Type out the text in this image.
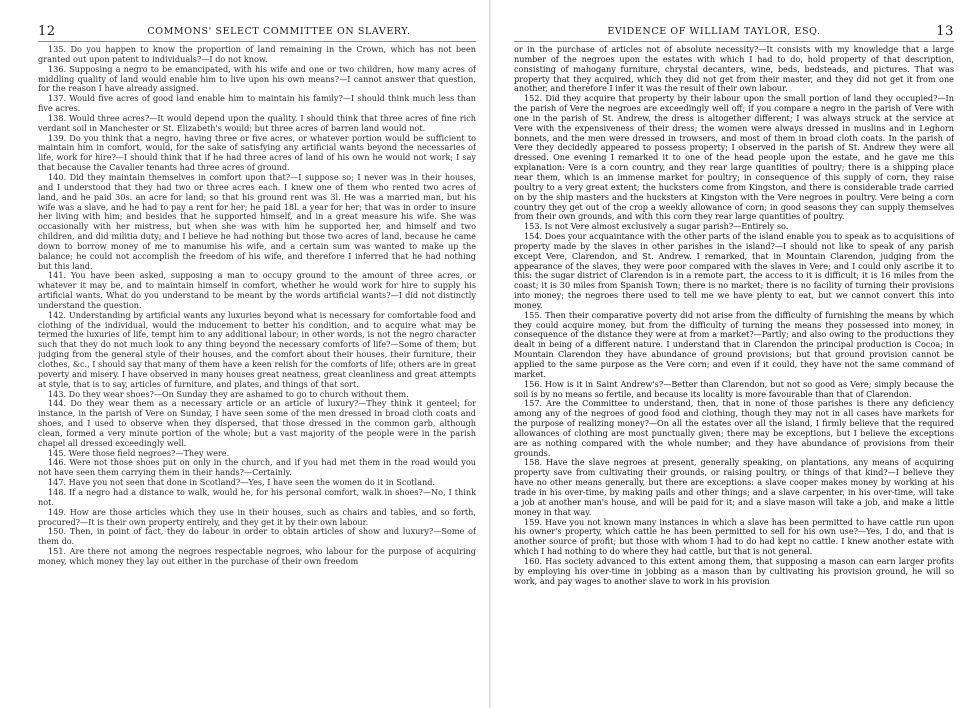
12	COMMONS' SELECT COMMITTEE ON SLAVERY.

135. Do you happen to know the proportion of land remaining in the Crown, which has not been granted out upon patent to individuals?—I do not know.

136. Supposing a negro to be emancipated, with his wife and one or two children, how many acres of middling quality of land would enable him to live upon his own means?—I cannot answer that question, for the reason I have already assigned.

137. Would five acres of good land enable him to maintain his family?—I should think much less than five acres.

138. Would three acres?—It would depend upon the quality. I should think that three acres of fine rich verdant soil in Manchester or St. Elizabeth's would; but three acres of barren land would not.

139. Do you think that a negro, having three or five acres, or whatever portion would be sufficient to maintain him in comfort, would, for the sake of satisfying any artificial wants beyond the necessaries of life, work for hire?—I should think that if he had three acres of land of his own he would not work; I say that because the Cavalier tenants had three acres of ground.

140. Did they maintain themselves in comfort upon that?—I suppose so; I never was in their houses, and I understood that they had two or three acres each. I knew one of them who rented two acres of land, and he paid 30s. an acre for land; so that his ground rent was 3l. He was a married man, but his wife was a slave, and he had to pay a rent for her; he paid 18l. a year for her; that was in order to insure her living with him; and besides that he supported himself, and in a great measure his wife. She was occasionally with her mistress, but when she was with him he supported her, and himself and two children, and did militia duty; and I believe he had nothing but those two acres of land, because he came down to borrow money of me to manumise his wife, and a certain sum was wanted to make up the balance; he could not accomplish the freedom of his wife, and therefore I inferred that he had nothing but this land.

141. You have been asked, supposing a man to occupy ground to the amount of three acres, or whatever it may be, and to maintain himself in comfort, whether he would work for hire to supply his artificial wants. What do you understand to be meant by the words artificial wants?—I did not distinctly understand the question.

142. Understanding by artificial wants any luxuries beyond what is necessary for comfortable food and clothing of the individual, would the inducement to better his condition, and to acquire what may be termed the luxuries of life, tempt him to any additional labour; in other words, is not the negro character such that they do not much look to any thing beyond the necessary comforts of life?—Some of them; but judging from the general style of their houses, and the comfort about their houses, their furniture, their clothes, &c., I should say that many of them have a keen relish for the comforts of life; others are in great poverty and misery. I have observed in many houses great neatness, great cleanliness and great attempts at style, that is to say, articles of furniture, and plates, and things of that sort.

143. Do they wear shoes?—On Sunday they are ashamed to go to church without them.

144. Do they wear them as a necessary article or an article of luxury?—They think it genteel; for instance, in the parish of Vere on Sunday, I have seen some of the men dressed in broad cloth coats and shoes, and I used to observe when they dispersed, that those dressed in the common garb, although clean, formed a very minute portion of the whole; but a vast majority of the people were in the parish chapel all dressed exceedingly well.

145. Were those field negroes?—They were.

146. Were not those shoes put on only in the church, and if you had met them in the road would you not have seen them carrying them in their hands?—Certainly.

147. Have you not seen that done in Scotland?—Yes, I have seen the women do it in Scotland.

148. If a negro had a distance to walk, would he, for his personal comfort, walk in shoes?—No, I think not.

149. How are those articles which they use in their houses, such as chairs and tables, and so forth, procured?—It is their own property entirely, and they get it by their own labour.

150. Then, in point of fact, they do labour in order to obtain articles of show and luxury?—Some of them do.

151. Are there not among the negroes respectable negroes, who labour for the purpose of acquiring money, which money they lay out either in the purchase of their own freedom

EVIDENCE OF WILLIAM TAYLOR, ESQ.	13

or in the purchase of articles not of absolute necessity?—It consists with my knowledge that a large number of the negroes upon the estates with which I had to do, hold property of that description, consisting of mahogany furniture, chrystal decanters, wine, beds, bedsteads, and pictures. That was property that they acquired, which they did not get from their master, and they did not get it from one another, and therefore I infer it was the result of their own labour.

152. Did they acquire that property by their labour upon the small portion of land they occupied?—In the parish of Vere the negroes are exceedingly well off; if you compare a negro in the parish of Vere with one in the parish of St. Andrew, the dress is altogether different; I was always struck at the service at Vere with the expensiveness of their dress; the women were always dressed in muslins and in Leghorn bonnets, and the men were dressed in trowsers, and most of them in broad cloth coats. In the parish of Vere they decidedly appeared to possess property; I observed in the parish of St. Andrew they were all dressed. One evening I remarked it to one of the head people upon the estate, and he gave me this explanation: Vere is a corn country, and they rear large quantities of poultry; there is a shipping place near them, which is an immense market for poultry; in consequence of this supply of corn, they raise poultry to a very great extent; the hucksters come from Kingston, and there is considerable trade carried on by the ship masters and the hucksters at Kingston with the Vere negroes in poultry. Vere being a corn country they get out of the crop a weekly allowance of corn; in good seasons they can supply themselves from their own grounds, and with this corn they rear large quantities of poultry.

153. Is not Vere almost exclusively a sugar parish?—Entirely so.

154. Does your acquaintance with the other parts of the island enable you to speak as to acquisitions of property made by the slaves in other parishes in the island?—I should not like to speak of any parish except Vere, Clarendon, and St. Andrew. I remarked, that in Mountain Clarendon, judging from the appearance of the slaves, they were poor compared with the slaves in Vere; and I could only ascribe it to this: the sugar district of Clarendon is in a remote part, the access to it is difficult; it is 16 miles from the coast; it is 30 miles from Spanish Town; there is no market; there is no facility of turning their provisions into money; the negroes there used to tell me we have plenty to eat, but we cannot convert this into money.

155. Then their comparative poverty did not arise from the difficulty of furnishing the means by which they could acquire money, but from the difficulty of turning the means they possessed into money, in consequence of the distance they were at from a market?—Partly; and also owing to the productions they dealt in being of a different nature. I understand that in Clarendon the principal production is Cocoa; in Mountain Clarendon they have abundance of ground provisions; but that ground provision cannot be applied to the same purpose as the Vere corn; and even if it could, they have not the same command of market.

156. How is it in Saint Andrew's?—Better than Clarendon, but not so good as Vere; simply because the soil is by no means so fertile, and because its locality is more favourable than that of Clarendon.

157. Are the Committee to understand, then, that in none of those parishes is there any deficiency among any of the negroes of good food and clothing, though they may not in all cases have markets for the purpose of realizing money?—On all the estates over all the island, I firmly believe that the required allowances of clothing are most punctually given; there may be exceptions, but I believe the exceptions are as nothing compared with the whole number; and they have abundance of provisions from their grounds.

158. Have the slave negroes at present, generally speaking, on plantations, any means of acquiring property save from cultivating their grounds, or raising poultry, or things of that kind?—I believe they have no other means generally, but there are exceptions: a slave cooper makes money by working at his trade in his over-time, by making pails and other things; and a slave carpenter, in his over-time, will take a job at another man's house, and will be paid for it; and a slave mason will take a job, and make a little money in that way.

159. Have you not known many instances in which a slave has been permitted to have cattle run upon his owner's property, which cattle he has been permitted to sell for his own use?—Yes, I do, and that is another source of profit; but those with whom I had to do had kept no cattle. I knew another estate with which I had nothing to do where they had cattle, but that is not general.

160. Has society advanced to this extent among them, that supposing a mason can earn larger profits by employing his over-time in jobbing as a mason than by cultivating his provision ground, he will so work, and pay wages to another slave to work in his provision
